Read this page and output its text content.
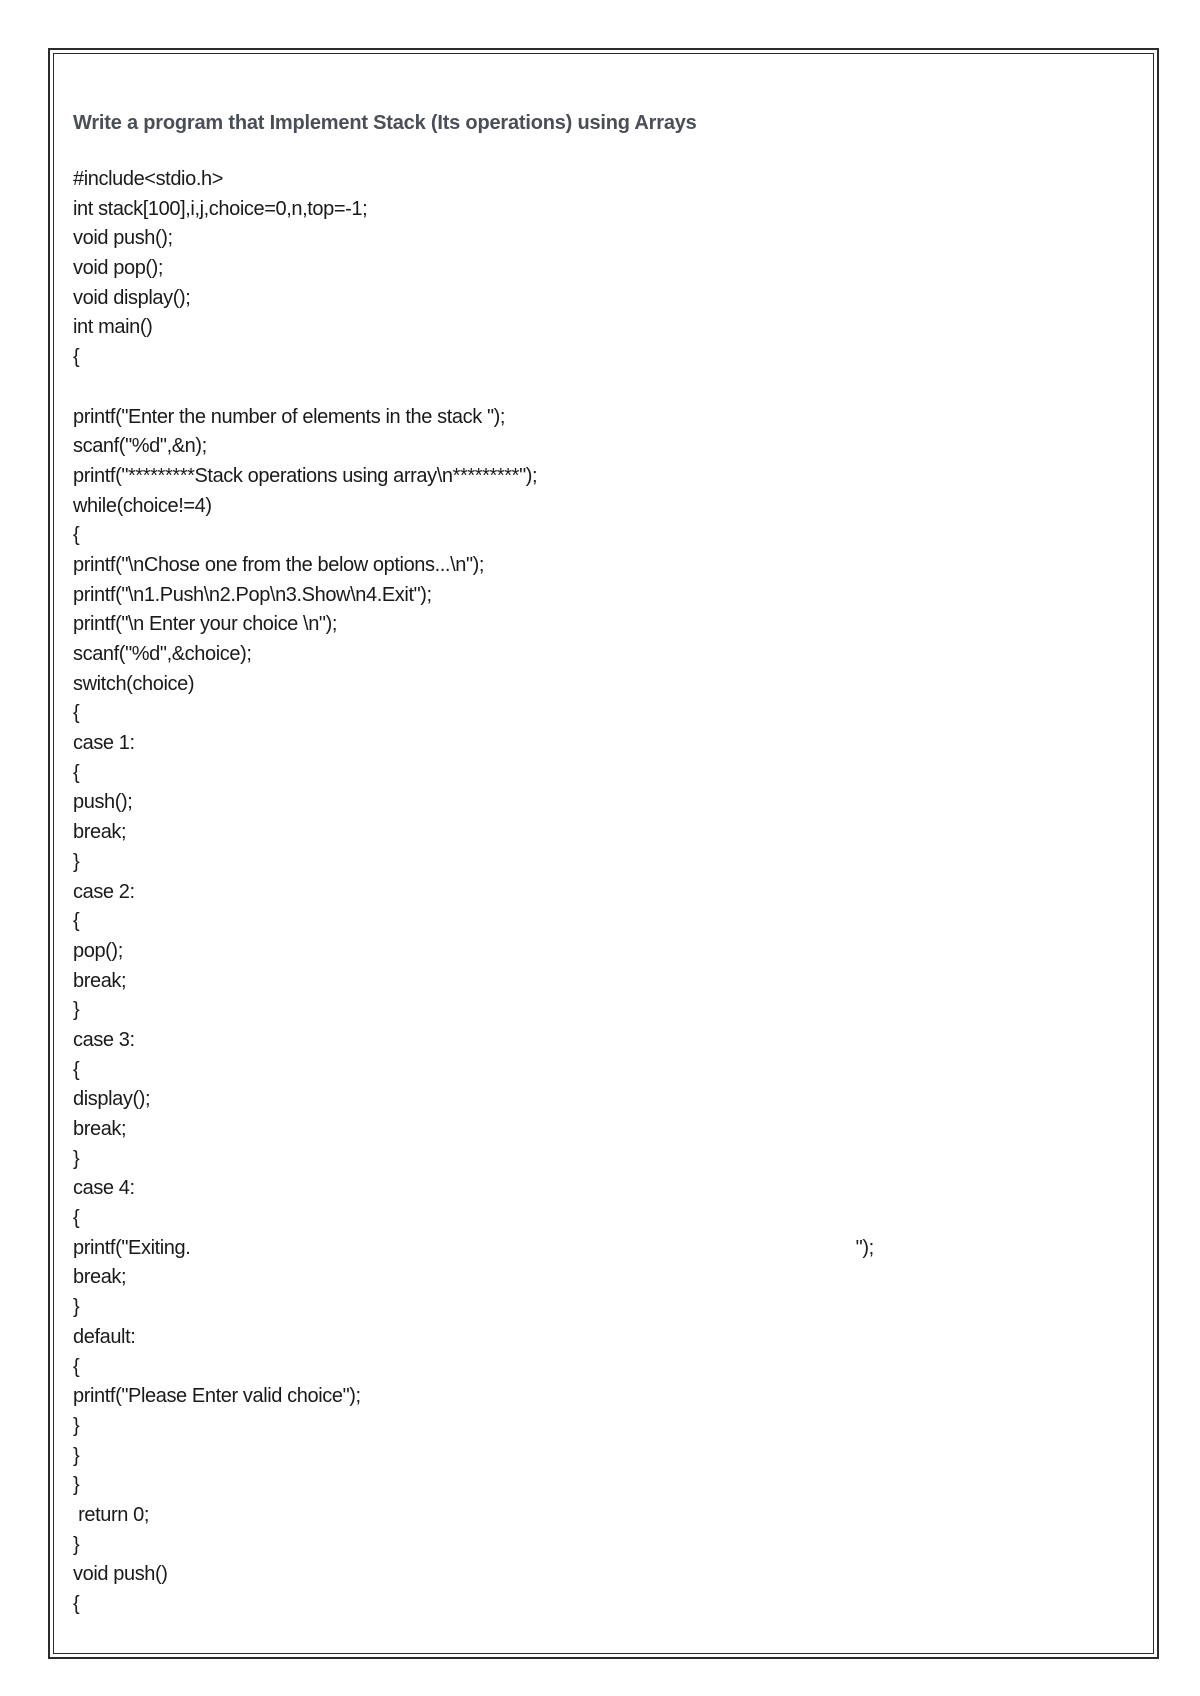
Write a program that Implement Stack (Its operations) using Arrays

#include<stdio.h>
int stack[100],i,j,choice=0,n,top=-1;
void push();
void pop();
void display();
int main()
{
printf("Enter the number of elements in the stack ");
scanf("%d",&n);
printf("*********Stack operations using array\n*********");
while(choice!=4)
{
printf("\nChose one from the below options...\n");
printf("\n1.Push\n2.Pop\n3.Show\n4.Exit");
printf("\n Enter your choice \n");
scanf("%d",&choice);
switch(choice)
{
case 1:
{
push();
break;
}
case 2:
{
pop();
break;
}
case 3:
{
display();
break;
}
case 4:
{
printf("Exiting.                                                                                                                                 ");
break;
}
default:
{
printf("Please Enter valid choice");
}
}
}
return 0;
}
void push()
{
